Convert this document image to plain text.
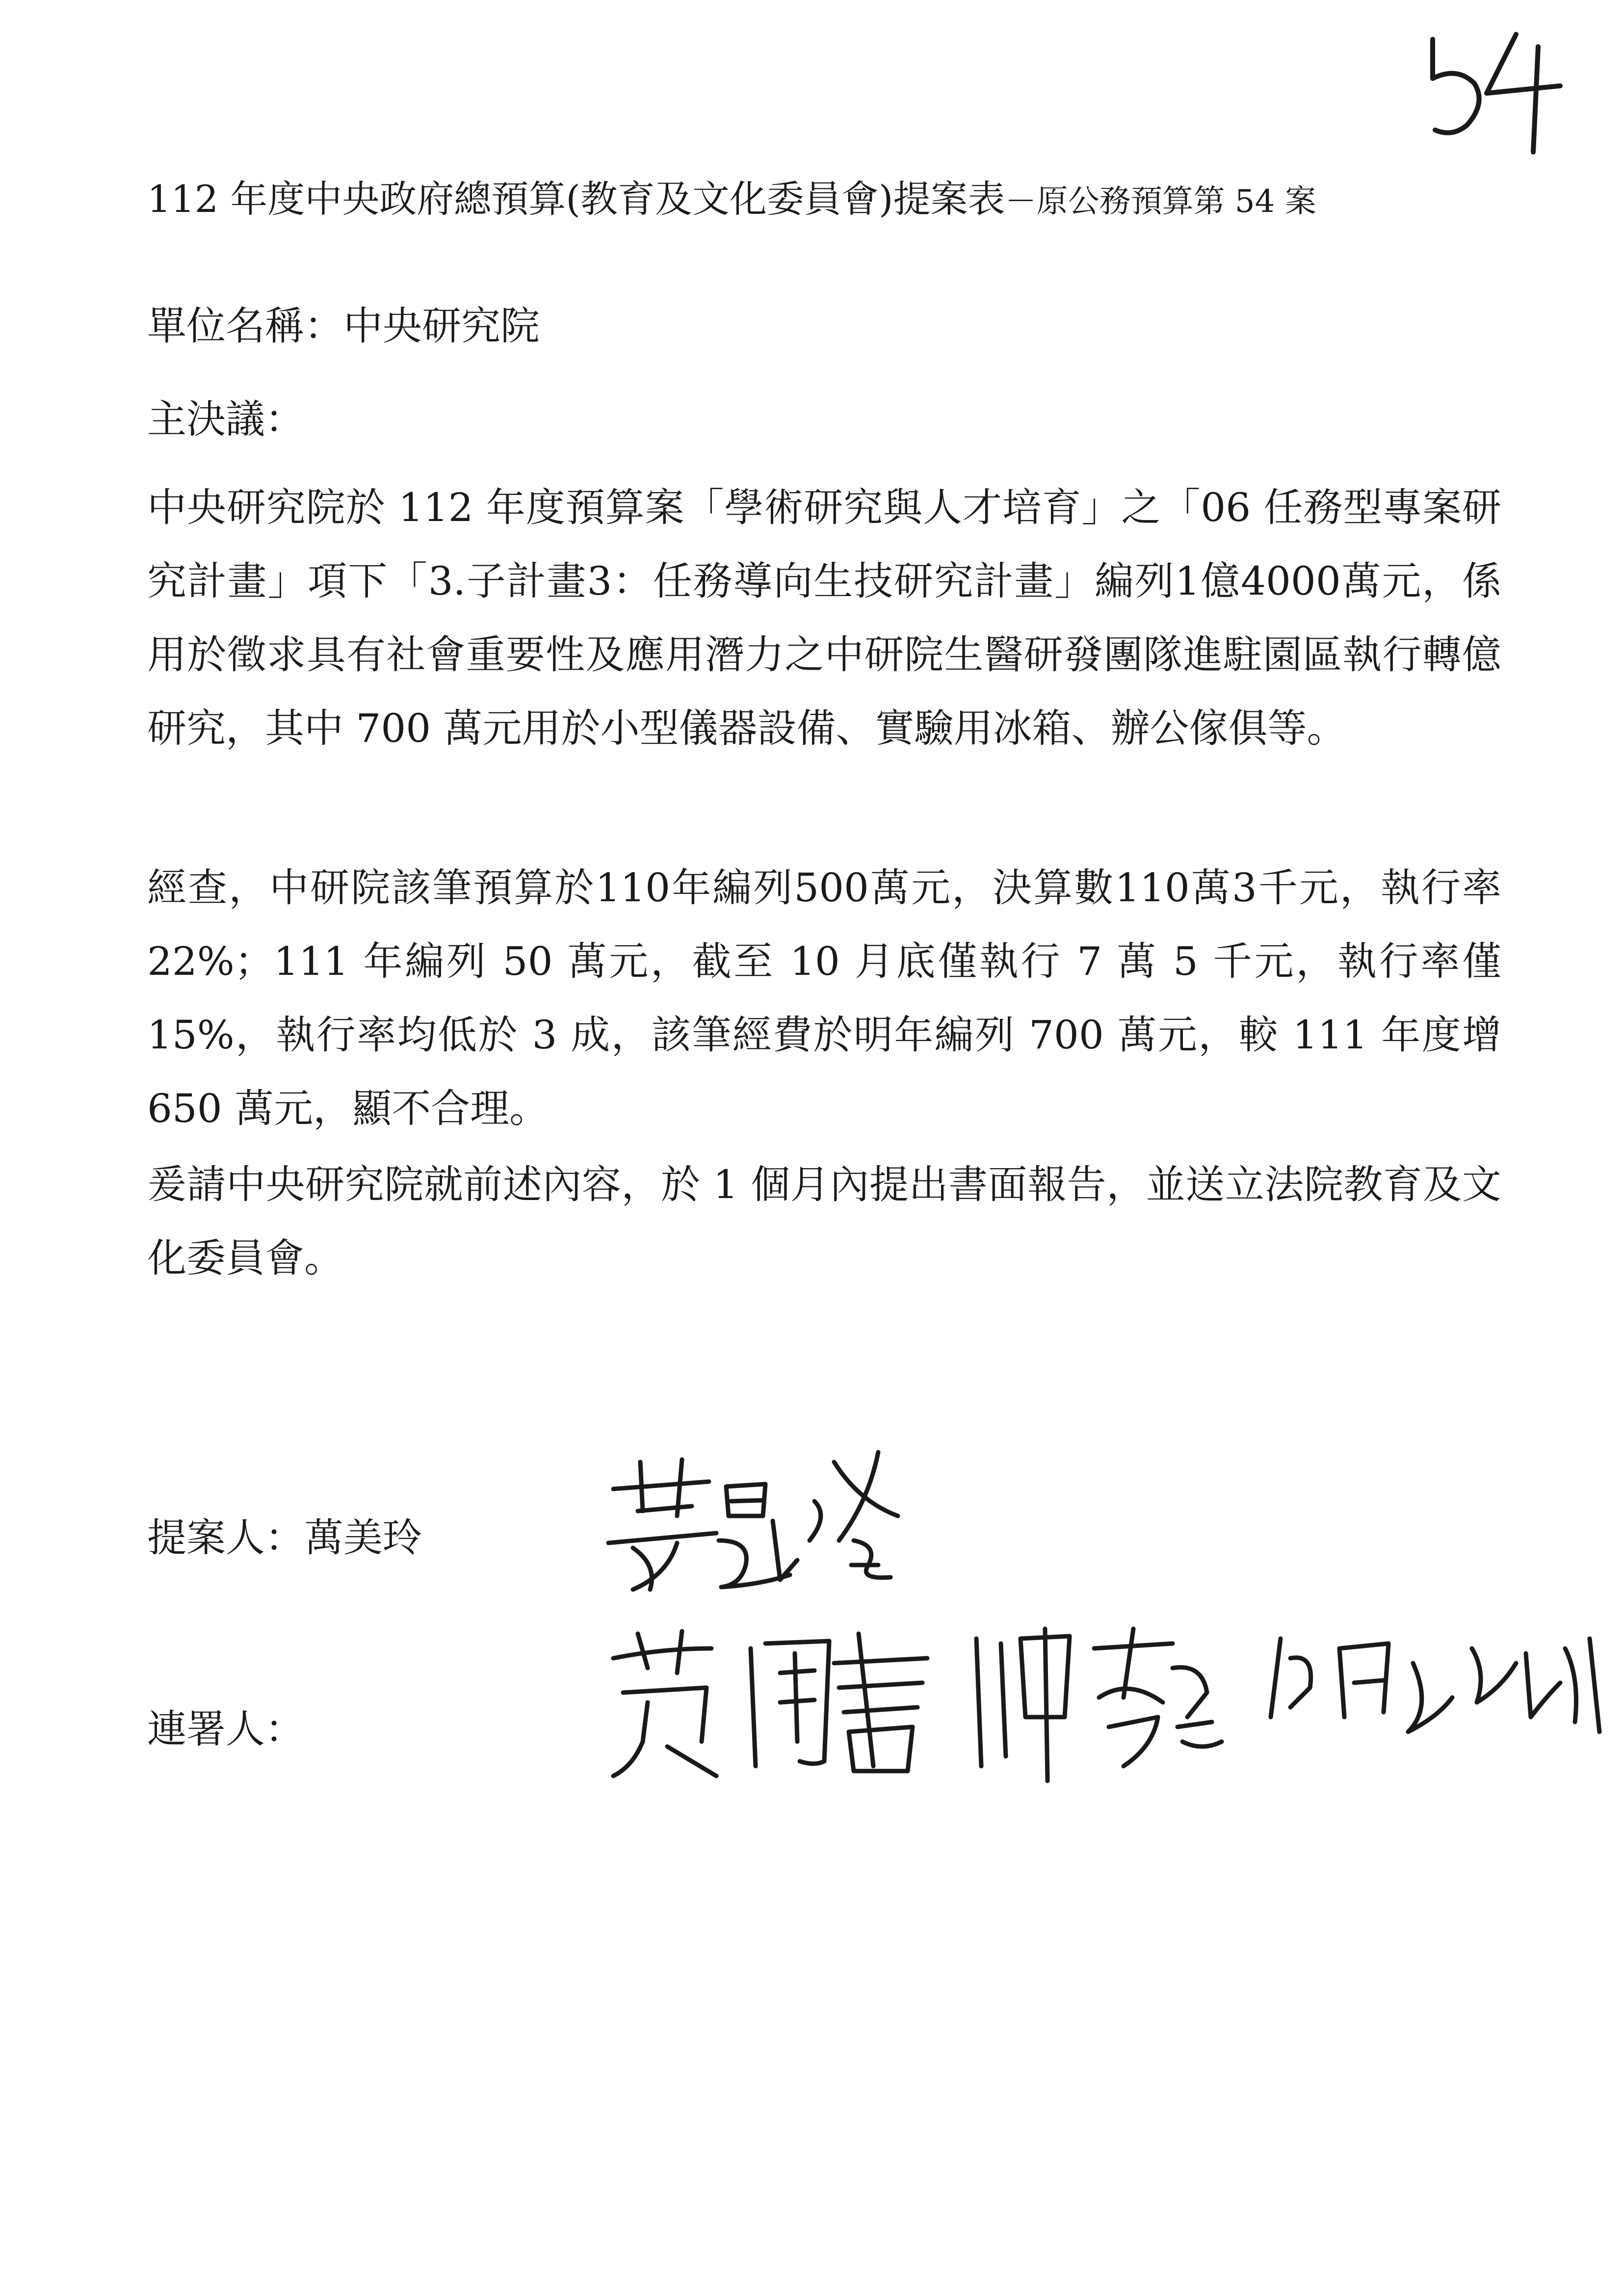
112 年度中央政府總預算(教育及文化委員會)提案表－原公務預算第 54 案
單位名稱：中央研究院
主決議：
中央研究院於 112 年度預算案「學術研究與人才培育」之「06 任務型專案研究計畫」項下「3.子計畫3：任務導向生技研究計畫」編列1億4000萬元，係用於徵求具有社會重要性及應用潛力之中研院生醫研發團隊進駐園區執行轉億研究，其中 700 萬元用於小型儀器設備、實驗用冰箱、辦公傢俱等。
經查，中研院該筆預算於110年編列500萬元，決算數110萬3千元，執行率 22%；111 年編列 50 萬元，截至 10 月底僅執行 7 萬 5 千元，執行率僅 15%，執行率均低於 3 成，該筆經費於明年編列 700 萬元，較 111 年度增 650 萬元，顯不合理。
爰請中央研究院就前述內容，於 1 個月內提出書面報告，並送立法院教育及文化委員會。
提案人：萬美玲
連署人：
